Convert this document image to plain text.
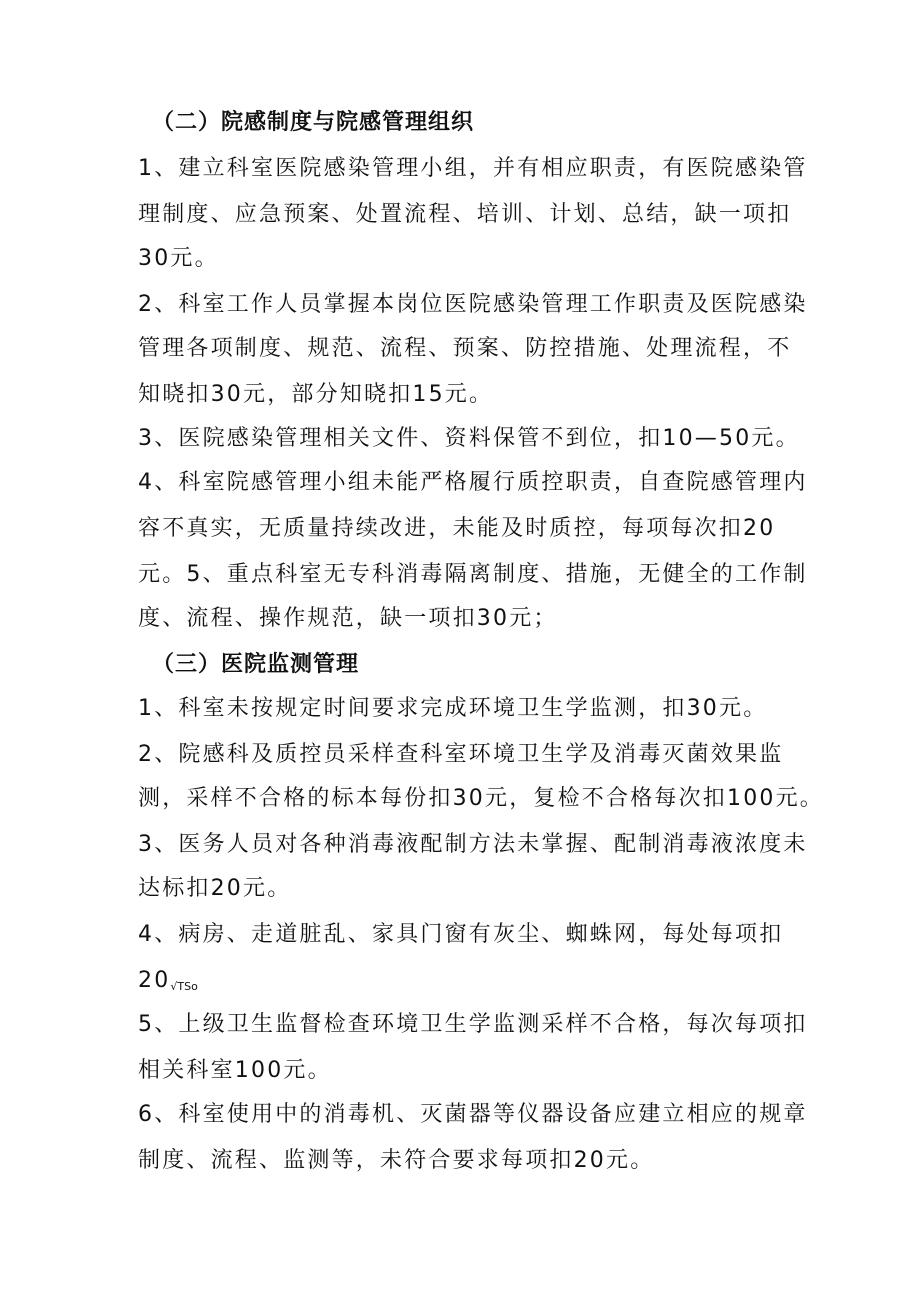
（二）院感制度与院感管理组织
1、建立科室医院感染管理小组，并有相应职责，有医院感染管
理制度、应急预案、处置流程、培训、计划、总结，缺一项扣
30元。
2、科室工作人员掌握本岗位医院感染管理工作职责及医院感染
管理各项制度、规范、流程、预案、防控措施、处理流程，不
知晓扣30元，部分知晓扣15元。
3、医院感染管理相关文件、资料保管不到位，扣10—50元。
4、科室院感管理小组未能严格履行质控职责，自查院感管理内
容不真实，无质量持续改进，未能及时质控，每项每次扣20
元。5、重点科室无专科消毒隔离制度、措施，无健全的工作制
度、流程、操作规范，缺一项扣30元；
（三）医院监测管理
1、科室未按规定时间要求完成环境卫生学监测，扣30元。
2、院感科及质控员采样查科室环境卫生学及消毒灭菌效果监
测，采样不合格的标本每份扣30元，复检不合格每次扣100元。
3、医务人员对各种消毒液配制方法未掌握、配制消毒液浓度未
达标扣20元。
4、病房、走道脏乱、家具门窗有灰尘、蜘蛛网，每处每项扣
20√TSo
5、上级卫生监督检查环境卫生学监测采样不合格，每次每项扣
相关科室100元。
6、科室使用中的消毒机、灭菌器等仪器设备应建立相应的规章
制度、流程、监测等，未符合要求每项扣20元。
